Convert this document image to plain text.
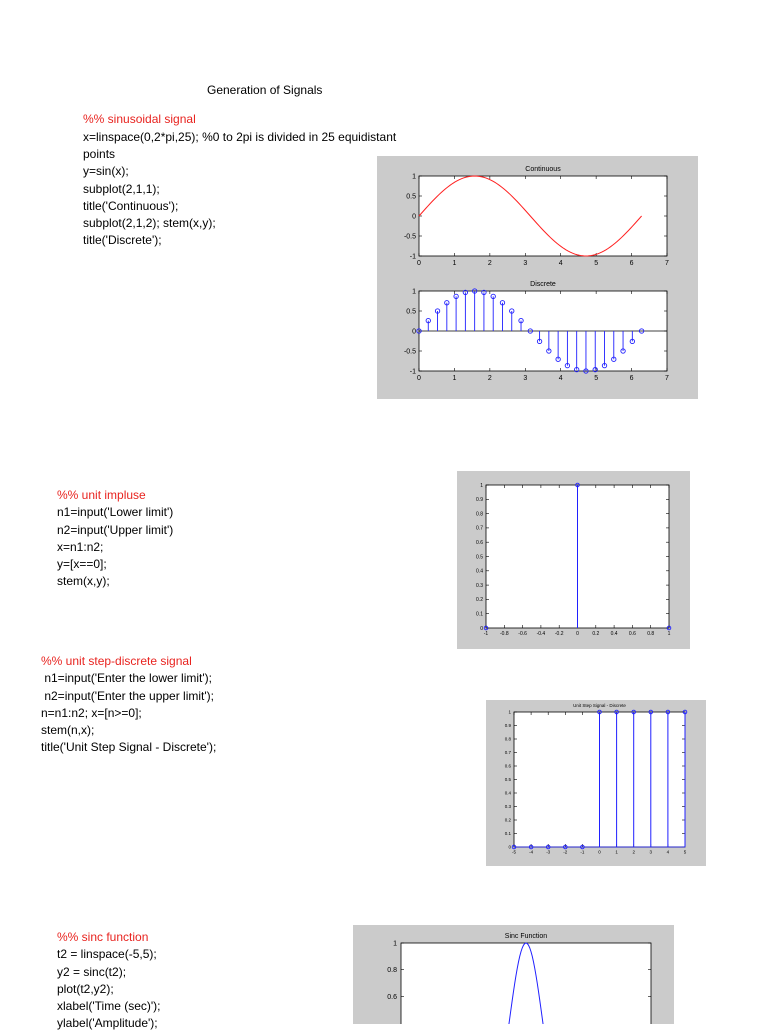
Generation of Signals
%% sinusoidal signal
x=linspace(0,2*pi,25); %0 to 2pi is divided in 25 equidistant
points
y=sin(x);
subplot(2,1,1);
title('Continuous');
subplot(2,1,2); stem(x,y);
title('Discrete');
0	1	2	3	4	5	6	7
1
0.5
0
-0.5
-1
Continuous
0	1	2	3	4	5	6	7
1
0.5
0
-0.5
-1
Discrete
%% unit impluse
n1=input('Lower limit')
n2=input('Upper limit')
x=n1:n2;
y=[x==0];
stem(x,y);
-1 -0.8 -0.6 -0.4 -0.2	0	0.2 0.4 0.6 0.8	1
1
0.9
0.8
0.7
0.6
0.5
0.4
0.3
0.2
0.1
0
%% unit step-discrete signal
n1=input('Enter the lower limit');
n2=input('Enter the upper limit');
n=n1:n2; x=[n>=0];
stem(n,x);
title('Unit Step Signal - Discrete');
-5	-4	-3	-2	-1	0	1	2	3	4	5
1
0.9
0.8
0.7
0.6
0.5
0.4
0.3
0.2
0.1
0
Unit Step Signal - Discrete
%% sinc function
t2 = linspace(-5,5);
y2 = sinc(t2);
plot(t2,y2);
xlabel('Time (sec)');
ylabel('Amplitude');
1
0.8
0.6
Sinc Function
